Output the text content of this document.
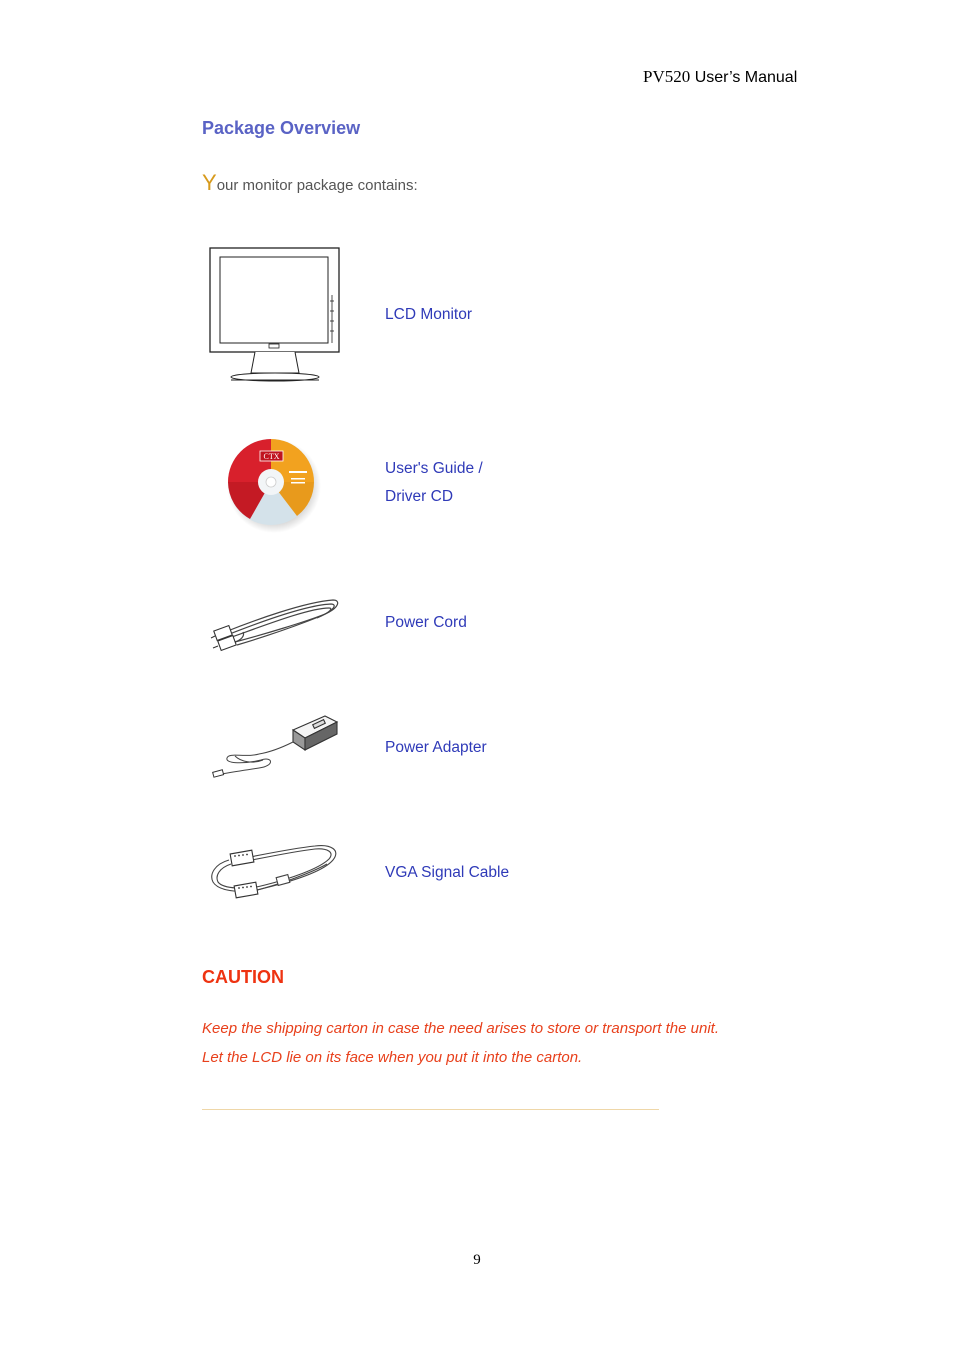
PV520 User’s Manual
Package Overview
Your monitor package contains:
LCD Monitor
CTX
User's Guide /
Driver CD
Power Cord
Power Adapter
VGA Signal Cable
CAUTION
Keep the shipping carton in case the need arises to store or transport the unit.
Let the LCD lie on its face when you put it into the carton.
9
